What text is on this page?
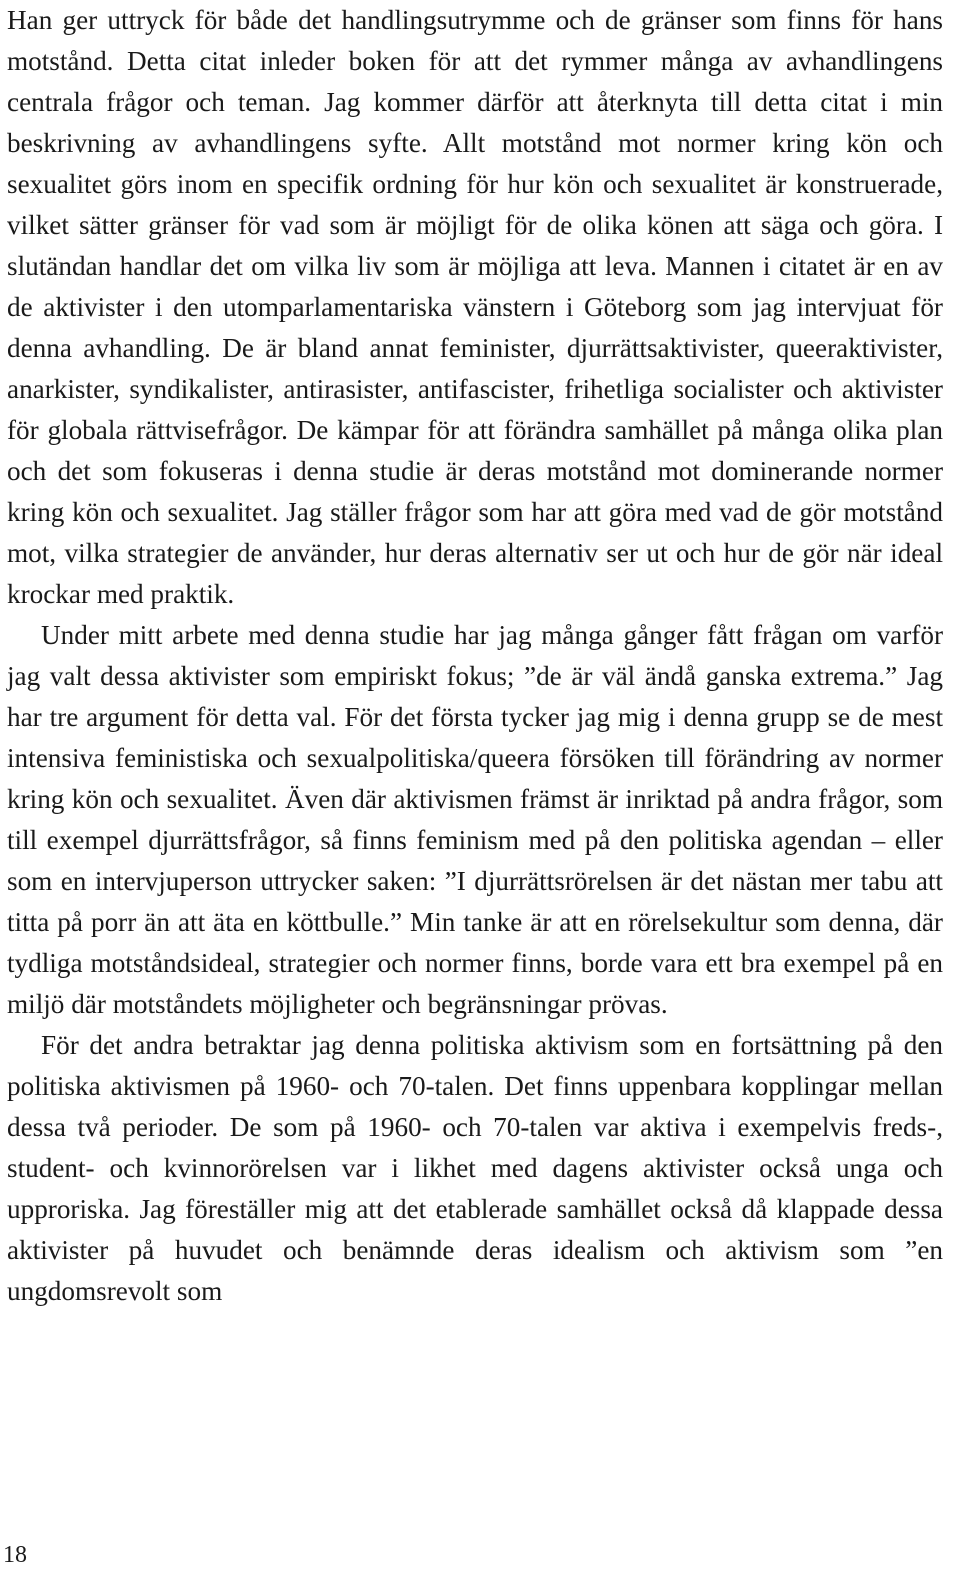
Han ger uttryck för både det handlingsutrymme och de gränser som finns för hans motstånd. Detta citat inleder boken för att det rymmer många av avhandlingens centrala frågor och teman. Jag kommer därför att återknyta till detta citat i min beskrivning av avhandlingens syfte. Allt motstånd mot normer kring kön och sexualitet görs inom en specifik ordning för hur kön och sexualitet är konstruerade, vilket sätter gränser för vad som är möjligt för de olika könen att säga och göra. I slutändan handlar det om vilka liv som är möjliga att leva. Mannen i citatet är en av de aktivister i den utomparlamentariska vänstern i Göteborg som jag intervjuat för denna avhandling. De är bland annat feminister, djurrättsaktivister, queeraktivister, anarkister, syndikalister, antirasister, antifascister, frihetliga socialister och aktivister för globala rättvisefrågor. De kämpar för att förändra samhället på många olika plan och det som fokuseras i denna studie är deras motstånd mot dominerande normer kring kön och sexualitet. Jag ställer frågor som har att göra med vad de gör motstånd mot, vilka strategier de använder, hur deras alternativ ser ut och hur de gör när ideal krockar med praktik.

Under mitt arbete med denna studie har jag många gånger fått frågan om varför jag valt dessa aktivister som empiriskt fokus; ”de är väl ändå ganska extrema.” Jag har tre argument för detta val. För det första tycker jag mig i denna grupp se de mest intensiva feministiska och sexualpolitiska/queera försöken till förändring av normer kring kön och sexualitet. Även där aktivismen främst är inriktad på andra frågor, som till exempel djurrättsfrågor, så finns feminism med på den politiska agendan – eller som en intervjuperson uttrycker saken: ”I djurrättsrörelsen är det nästan mer tabu att titta på porr än att äta en köttbulle.” Min tanke är att en rörelsekultur som denna, där tydliga motståndsideal, strategier och normer finns, borde vara ett bra exempel på en miljö där motståndets möjligheter och begränsningar prövas.

För det andra betraktar jag denna politiska aktivism som en fortsättning på den politiska aktivismen på 1960- och 70-talen. Det finns uppenbara kopplingar mellan dessa två perioder. De som på 1960- och 70-talen var aktiva i exempelvis freds-, student- och kvinnorörelsen var i likhet med dagens aktivister också unga och upproriska. Jag föreställer mig att det etablerade samhället också då klappade dessa aktivister på huvudet och benämnde deras idealism och aktivism som ”en ungdomsrevolt som

18
